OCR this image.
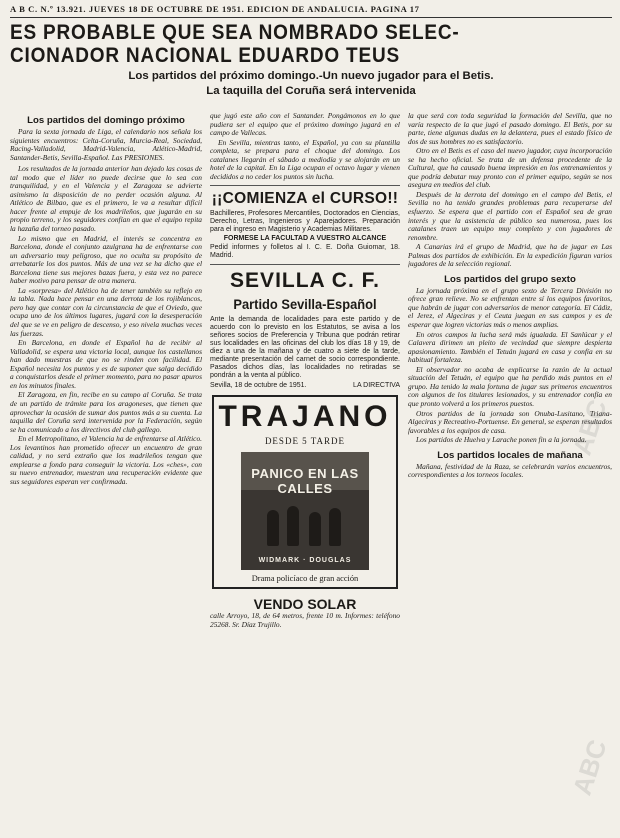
A B C. N.º 13.921. JUEVES 18 DE OCTUBRE DE 1951. EDICION DE ANDALUCIA. PAGINA 17
ES PROBABLE QUE SEA NOMBRADO SELEC-
CIONADOR NACIONAL EDUARDO TEUS
Los partidos del próximo domingo.-Un nuevo jugador para el Betis.
La taquilla del Coruña será intervenida
Los partidos del domingo próximo

Para la sexta jornada de Liga, el calendario nos señala los siguientes encuentros: Celta-Coruña, Murcia-Real, Sociedad, Racing-Valladolid, Madrid-Valencia, Atlético-Madrid, Santander-Betis, Sevilla-Español. Las PRESIONES.

Los resultados de la jornada anterior han dejado las cosas de tal modo que el líder no puede decirse que lo sea con tranquilidad, y en el Valencia y el Zaragoza se advierte asimismo la disposición de no perder ocasión alguna. Al Atlético de Bilbao, que es el primero, le va a resultar difícil hacer frente al empuje de los madrileños, que jugarán en su propio terreno, y los seguidores confían en que el equipo repita la hazaña del torneo pasado.

Lo mismo que en Madrid, el interés se concentra en Barcelona, donde el conjunto azulgrana ha de enfrentarse con un adversario muy peligroso, que no oculta su propósito de arrebatarle los dos puntos. Más de una vez se ha dicho que el Barcelona tiene sus mejores bazas fuera, y esta vez no parece haber motivo para pensar de otra manera.

La «sorpresa» del Atlético ha de tener también su reflejo en la tabla. Nada hace pensar en una derrota de los rojiblancos, pero hay que contar con la circunstancia de que el Oviedo, que ocupa uno de los últimos lugares, jugará con la desesperación del que se ve en peligro de descenso, y eso nivela muchas veces las fuerzas.

En Barcelona, en donde el Español ha de recibir al Valladolid, se espera una victoria local, aunque los castellanos han dado muestras de que no se rinden con facilidad. El Español necesita los puntos y es de suponer que salga decidido a conquistarlos desde el primer momento, para no pasar apuros en los minutos finales.

El Zaragoza, en fin, recibe en su campo al Coruña. Se trata de un partido de trámite para los aragoneses, que tienen que aprovechar la ocasión de sumar dos puntos más a su cuenta. La taquilla del Coruña será intervenida por la Federación, según se ha comunicado a los directivos del club gallego.

En el Metropolitano, el Valencia ha de enfrentarse al Atlético. Los levantinos han prometido ofrecer un encuentro de gran calidad, y no será extraño que los madrileños tengan que emplearse a fondo para conseguir la victoria. Los «ches», con su nuevo entrenador, muestran una recuperación evidente que sus seguidores esperan ver confirmada.

que jugó este año con el Santander. Pongámonos en lo que pudiera ser el equipo que el próximo domingo jugará en el campo de Vallecas.

En Sevilla, mientras tanto, el Español, ya con su plantilla completa, se prepara para el choque del domingo. Los catalanes llegarán el sábado a mediodía y se alojarán en un hotel de la capital. En la Liga ocupan el octavo lugar y vienen decididos a no ceder los puntos sin lucha.

¡¡COMIENZA el CURSO!!
Bachilleres, Profesores Mercantiles, Doctorados en Ciencias, Derecho, Letras, Ingenieros y Aparejadores. Preparación para el ingreso en Magisterio y Academias Militares.
FORMESE LA FACULTAD A VUESTRO ALCANCE
Pedid informes y folletos al I. C. E. Doña Guiomar, 18. Madrid.
SEVILLA C. F.
Partido Sevilla-Español
Ante la demanda de localidades para este partido y de acuerdo con lo previsto en los Estatutos, se avisa a los señores socios de Preferencia y Tribuna que podrán retirar sus localidades en las oficinas del club los días 18 y 19, de diez a una de la mañana y de cuatro a siete de la tarde, mediante presentación del carnet de socio correspondiente. Pasados dichos días, las localidades no retiradas se pondrán a la venta al público.
Sevilla, 18 de octubre de 1951.	LA DIRECTIVA
TRAJANO
DESDE 5 TARDE
PANICO EN LAS CALLES
WIDMARK · DOUGLAS
Drama policíaco de gran acción
VENDO SOLAR
calle Arroyo, 18, de 64 metros, frente 10 m. Informes: teléfono 25268. Sr. Díaz Trujillo.

la que será con toda seguridad la formación del Sevilla, que no varía respecto de la que jugó el pasado domingo. El Betis, por su parte, tiene algunas dudas en la delantera, pues el estado físico de dos de sus hombres no es satisfactorio.

Otro en el Betis es el caso del nuevo jugador, cuya incorporación se ha hecho oficial. Se trata de un defensa procedente de la Cultural, que ha causado buena impresión en los entrenamientos y que podría debutar muy pronto con el primer equipo, según se nos asegura en medios del club.

Después de la derrota del domingo en el campo del Betis, el Sevilla no ha tenido grandes problemas para recuperarse del esfuerzo. Se espera que el partido con el Español sea de gran interés y que la asistencia de público sea numerosa, pues los catalanes traen un equipo muy completo y con jugadores de renombre.

A Canarias irá el grupo de Madrid, que ha de jugar en Las Palmas dos partidos de exhibición. En la expedición figuran varios jugadores de la selección regional.

Los partidos del grupo sexto

La jornada próxima en el grupo sexto de Tercera División no ofrece gran relieve. No se enfrentan entre sí los equipos favoritos, que habrán de jugar con adversarios de menor categoría. El Cádiz, el Jerez, el Algeciras y el Ceuta juegan en sus campos y es de esperar que logren victorias más o menos amplias.

En otros campos la lucha será más igualada. El Sanlúcar y el Calavera dirimen un pleito de vecindad que siempre despierta apasionamiento. También el Tetuán jugará en casa y confía en su habitual fortaleza.

El observador no acaba de explicarse la razón de la actual situación del Tetuán, el equipo que ha perdido más puntos en el grupo. Ha tenido la mala fortuna de jugar sus primeros encuentros con algunos de los titulares lesionados, y su entrenador confía en que pronto volverá a los primeros puestos.

Otros partidos de la jornada son Onuba-Lusitano, Triana-Algeciras y Recreativo-Portuense. En general, se esperan resultados favorables a los equipos de casa.

Los partidos de Huelva y Larache ponen fin a la jornada.

Los partidos locales de mañana

Mañana, festividad de la Raza, se celebrarán varios encuentros, correspondientes a los torneos locales.

ABC
ABC
